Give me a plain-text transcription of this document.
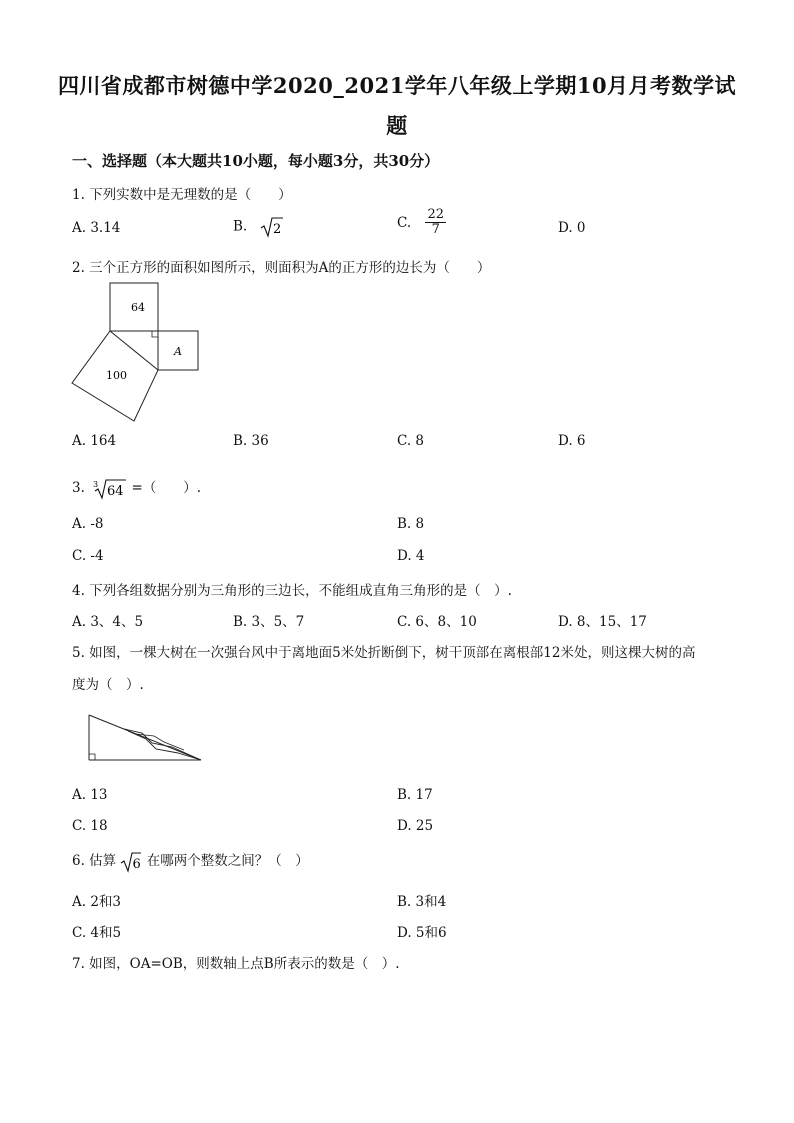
四川省成都市树德中学2020_2021学年八年级上学期10月月考数学试
题
一、选择题（本大题共10小题，每小题3分，共30分）
1. 下列实数中是无理数的是（　　）
A. 3.14	B. 2	C. $\frac{22}{7}$	D. 0
2. 三个正方形的面积如图所示，则面积为A的正方形的边长为（　　）
64
A
100
A. 164	B. 36	C. 8	D. 6
3. 3 64 =（　　）.
A. -8	B. 8
C. -4	D. 4
4. 下列各组数据分别为三角形的三边长，不能组成直角三角形的是（　）.
A. 3、4、5	B. 3、5、7	C. 6、8、10	D. 8、15、17
5. 如图，一棵大树在一次强台风中于离地面5米处折断倒下，树干顶部在离根部12米处，则这棵大树的高
度为（　）.
A. 13	B. 17
C. 18	D. 25
6. 估算 6 在哪两个整数之间？（　）
A. 2和3	B. 3和4
C. 4和5	D. 5和6
7. 如图，OA=OB，则数轴上点B所表示的数是（　）.
